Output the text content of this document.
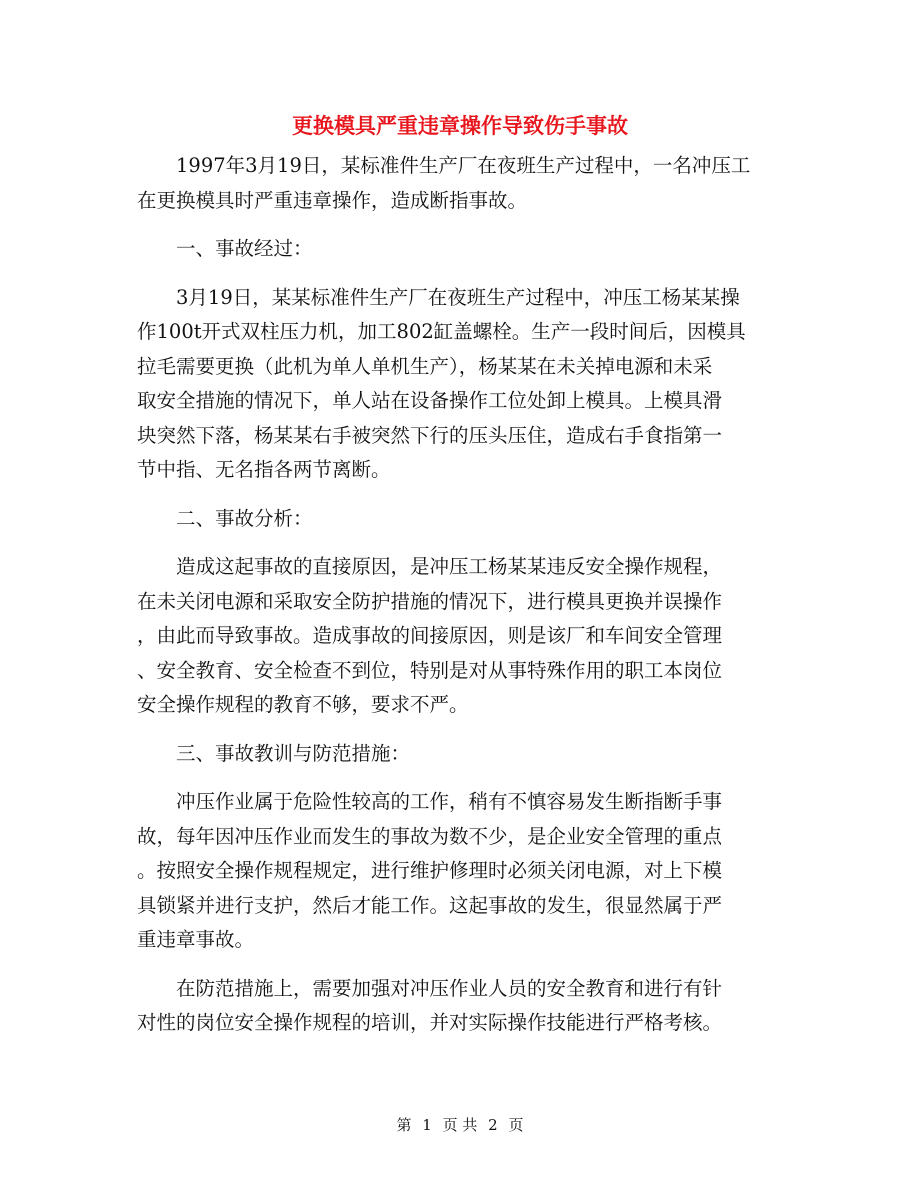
更换模具严重违章操作导致伤手事故

1997年3月19日，某标准件生产厂在夜班生产过程中，一名冲压工
在更换模具时严重违章操作，造成断指事故。

一、事故经过：

3月19日，某某标准件生产厂在夜班生产过程中，冲压工杨某某操
作100t开式双柱压力机，加工802缸盖螺栓。生产一段时间后，因模具
拉毛需要更换（此机为单人单机生产），杨某某在未关掉电源和未采
取安全措施的情况下，单人站在设备操作工位处卸上模具。上模具滑
块突然下落，杨某某右手被突然下行的压头压住，造成右手食指第一
节中指、无名指各两节离断。

二、事故分析：

造成这起事故的直接原因，是冲压工杨某某违反安全操作规程，
在未关闭电源和采取安全防护措施的情况下，进行模具更换并误操作
，由此而导致事故。造成事故的间接原因，则是该厂和车间安全管理
、安全教育、安全检查不到位，特别是对从事特殊作用的职工本岗位
安全操作规程的教育不够，要求不严。

三、事故教训与防范措施：

冲压作业属于危险性较高的工作，稍有不慎容易发生断指断手事
故，每年因冲压作业而发生的事故为数不少，是企业安全管理的重点
。按照安全操作规程规定，进行维护修理时必须关闭电源，对上下模
具锁紧并进行支护，然后才能工作。这起事故的发生，很显然属于严
重违章事故。

在防范措施上，需要加强对冲压作业人员的安全教育和进行有针
对性的岗位安全操作规程的培训，并对实际操作技能进行严格考核。

第 1 页 共 2 页
